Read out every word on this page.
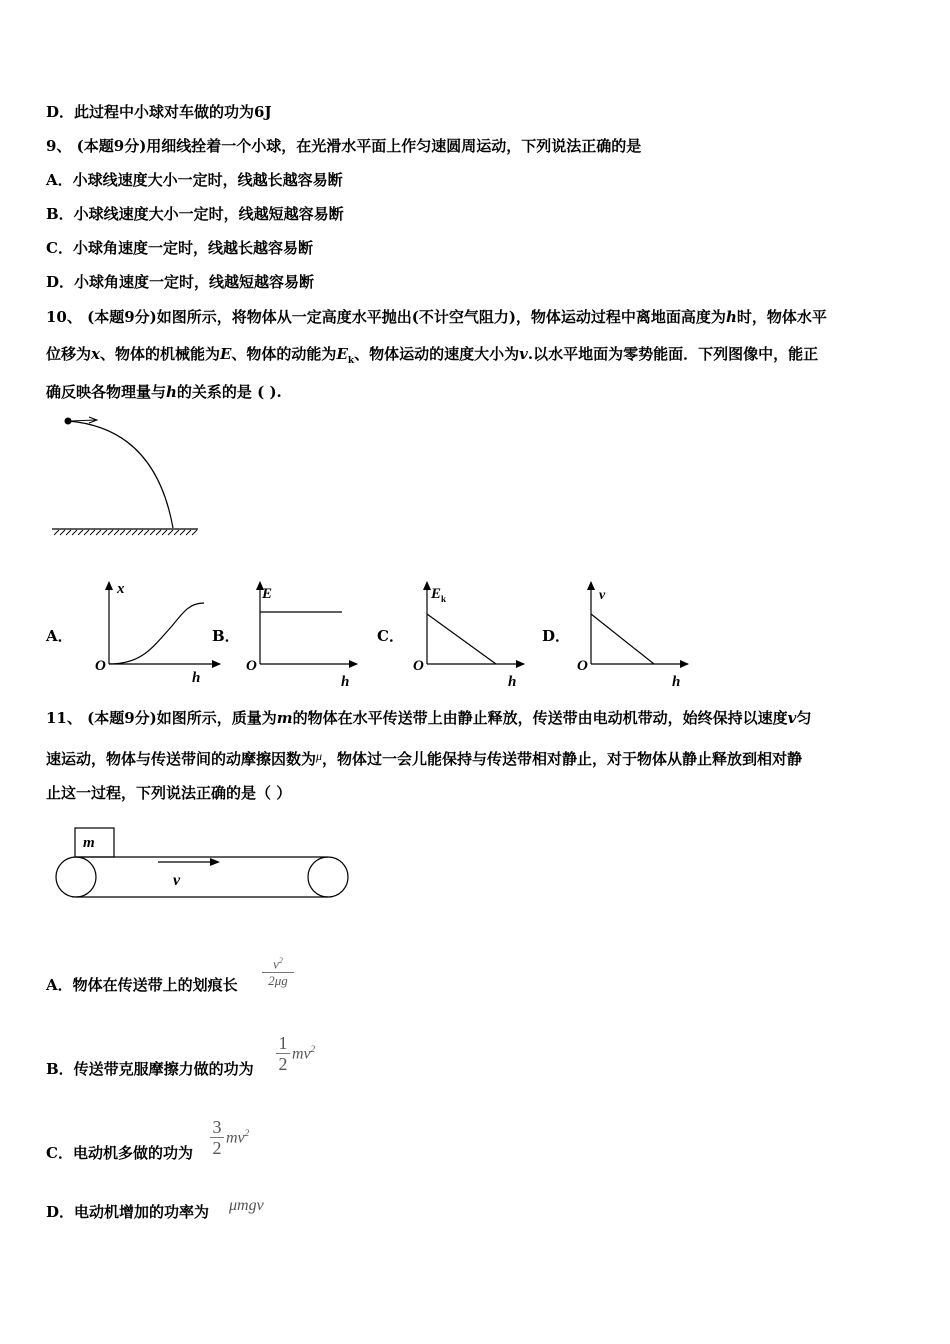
D．此过程中小球对车做的功为6J
9、 (本题9分)用细线拴着一个小球，在光滑水平面上作匀速圆周运动，下列说法正确的是
A．小球线速度大小一定时，线越长越容易断
B．小球线速度大小一定时，线越短越容易断
C．小球角速度一定时，线越长越容易断
D．小球角速度一定时，线越短越容易断
10、 (本题9分)如图所示，将物体从一定高度水平抛出(不计空气阻力)，物体运动过程中离地面高度为h时，物体水平
位移为x、物体的机械能为E、物体的动能为$E_k$、物体运动的速度大小为v.以水平地面为零势能面．下列图像中，能正
确反映各物理量与h的关系的是 ( ).
A．
x
O
h
B．
E
O
h
C．
$E_k$
O
h
D．
v
O
h
11、 (本题9分)如图所示，质量为m的物体在水平传送带上由静止释放，传送带由电动机带动，始终保持以速度v匀
速运动，物体与传送带间的动摩擦因数为$^\mu$，物体过一会儿能保持与传送带相对静止，对于物体从静止释放到相对静
止这一过程，下列说法正确的是（ ）
m
v
A．物体在传送带上的划痕长
$v^2$
2μg
B．传送带克服摩擦力做的功为
1
2
$mv^2$
C．电动机多做的功为
3
2
$mv^2$
D．电动机增加的功率为 μmgv
